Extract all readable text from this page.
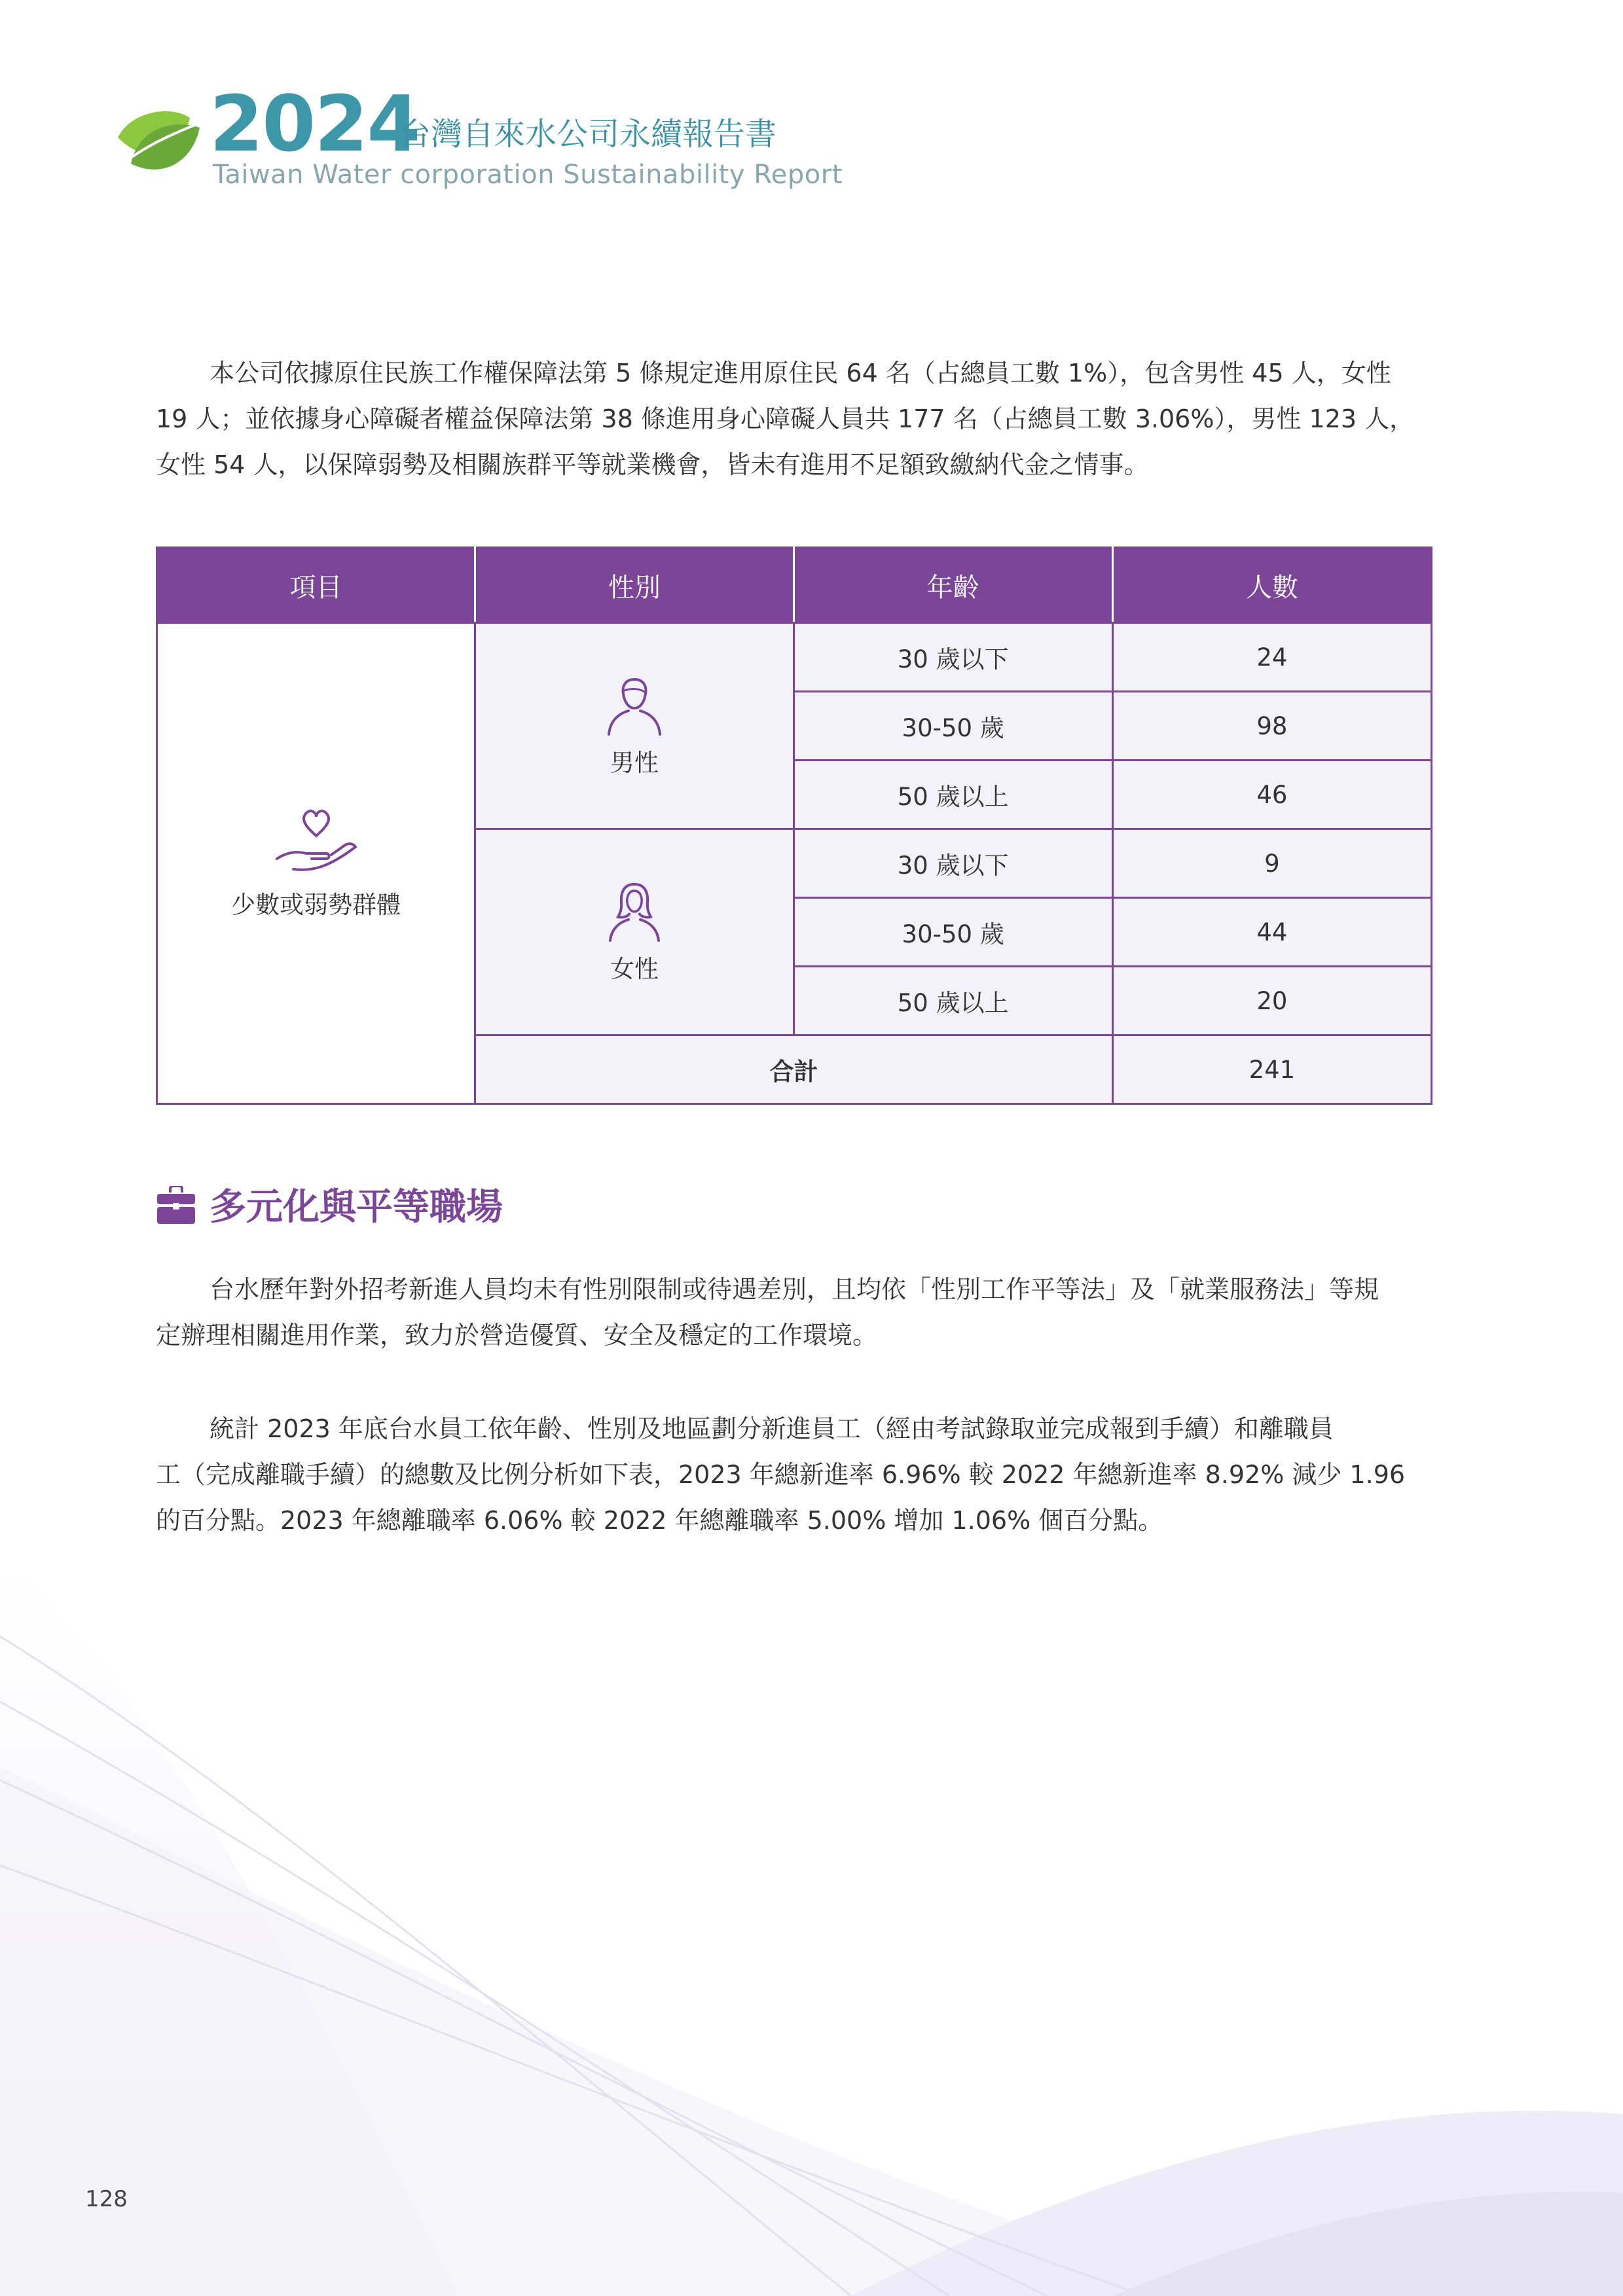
2024
台灣自來水公司永續報告書
Taiwan Water corporation Sustainability Report
本公司依據原住民族工作權保障法第 5 條規定進用原住民 64 名（占總員工數 1%），包含男性 45 人，女性
19 人；並依據身心障礙者權益保障法第 38 條進用身心障礙人員共 177 名（占總員工數 3.06%），男性 123 人，
女性 54 人，以保障弱勢及相關族群平等就業機會，皆未有進用不足額致繳納代金之情事。
項目	性別	年齡	人數

少數或弱勢群體	男性	30 歲以下	24
		30-50 歲	98
		50 歲以上	46

	女性	30 歲以下	9
		30-50 歲	44
		50 歲以上	20
	合計		241
多元化與平等職場
台水歷年對外招考新進人員均未有性別限制或待遇差別，且均依「性別工作平等法」及「就業服務法」等規
定辦理相關進用作業，致力於營造優質、安全及穩定的工作環境。
統計 2023 年底台水員工依年齡、性別及地區劃分新進員工（經由考試錄取並完成報到手續）和離職員
工（完成離職手續）的總數及比例分析如下表，2023 年總新進率 6.96% 較 2022 年總新進率 8.92% 減少 1.96
的百分點。2023 年總離職率 6.06% 較 2022 年總離職率 5.00% 增加 1.06% 個百分點。
128
